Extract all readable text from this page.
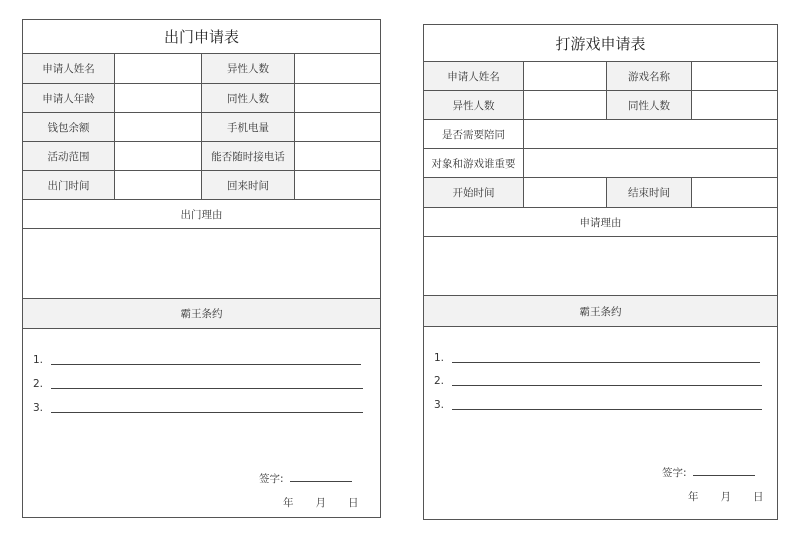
出门申请表
申请人姓名	异性人数
申请人年龄	同性人数
钱包余额	手机电量
活动范围	能否随时接电话
出门时间	回来时间
出门理由
霸王条约
1.
2.
3.
签字:
年 月 日
打游戏申请表
申请人姓名	游戏名称
异性人数	同性人数
是否需要陪同
对象和游戏谁重要
开始时间	结束时间
申请理由
霸王条约
1.
2.
3.
签字:
年 月 日
